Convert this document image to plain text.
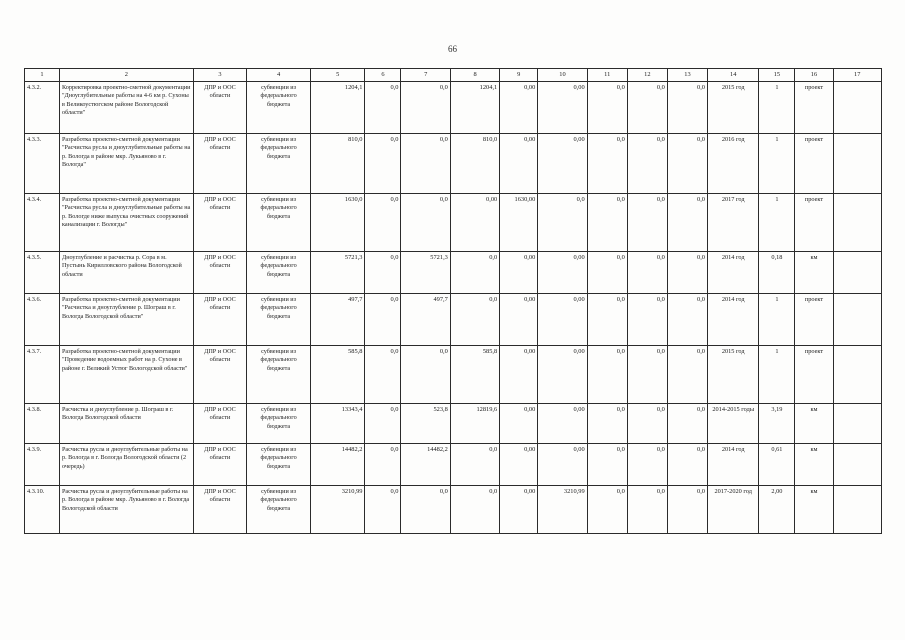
66
1	2	3	4	5	6	7	8	9	10	11	12	13	14	15	16	17
4.3.2.	Корректировка проектно-сметной документации "Дноуглубительные работы на 4-6 км р. Сухоны в Великоустюгском районе Вологодской области"	ДПР и ООС области	субвенции из федерального бюджета	1204,1	0,0	0,0	1204,1	0,00	0,00	0,0	0,0	0,0	2015 год	1	проект	
4.3.3.	Разработка проектно-сметной документации "Расчистка русла и дноуглубительные работы на р. Вологда в районе мкр. Лукьяново в г. Вологда"	ДПР и ООС области	субвенции из федерального бюджета	810,0	0,0	0,0	810,0	0,00	0,00	0,0	0,0	0,0	2016 год	1	проект	
4.3.4.	Разработка проектно-сметной документации "Расчистка русла и дноуглубительные работы на р. Вологде ниже выпуска очистных сооружений канализации г. Вологды"	ДПР и ООС области	субвенции из федерального бюджета	1630,0	0,0	0,0	0,00	1630,00	0,0	0,0	0,0	0,0	2017 год	1	проект	
4.3.5.	Дноуглубление и расчистка р. Сора в м. Пустынь Кирилловского района Вологодской области	ДПР и ООС области	субвенции из федерального бюджета	5721,3	0,0	5721,3	0,0	0,00	0,00	0,0	0,0	0,0	2014 год	0,18	км	
4.3.6.	Разработка проектно-сметной документации "Расчистка и дноуглубление р. Шограш в г. Вологда Вологодской области"	ДПР и ООС области	субвенции из федерального бюджета	497,7	0,0	497,7	0,0	0,00	0,00	0,0	0,0	0,0	2014 год	1	проект	
4.3.7.	Разработка проектно-сметной документации "Проведение водоемных работ на р. Сухоне в районе г. Великий Устюг Вологодской области"	ДПР и ООС области	субвенции из федерального бюджета	585,8	0,0	0,0	585,8	0,00	0,00	0,0	0,0	0,0	2015 год	1	проект	
4.3.8.	Расчистка и дноуглубление р. Шограш в г. Вологда Вологодской области	ДПР и ООС области	субвенции из федерального бюджета	13343,4	0,0	523,8	12819,6	0,00	0,00	0,0	0,0	0,0	2014-2015 годы	3,19	км	
4.3.9.	Расчистка русла и дноуглубительные работы на р. Вологда в г. Вологда Вологодской области (2 очередь)	ДПР и ООС области	субвенции из федерального бюджета	14482,2	0,0	14482,2	0,0	0,00	0,00	0,0	0,0	0,0	2014 год	0,61	км	
4.3.10.	Расчистка русла и дноуглубительные работы на р. Вологда в районе мкр. Лукьяново в г. Вологда Вологодской области	ДПР и ООС области	субвенции из федерального бюджета	3210,99	0,0	0,0	0,0	0,00	3210,99	0,0	0,0	0,0	2017-2020 год	2,00	км	
